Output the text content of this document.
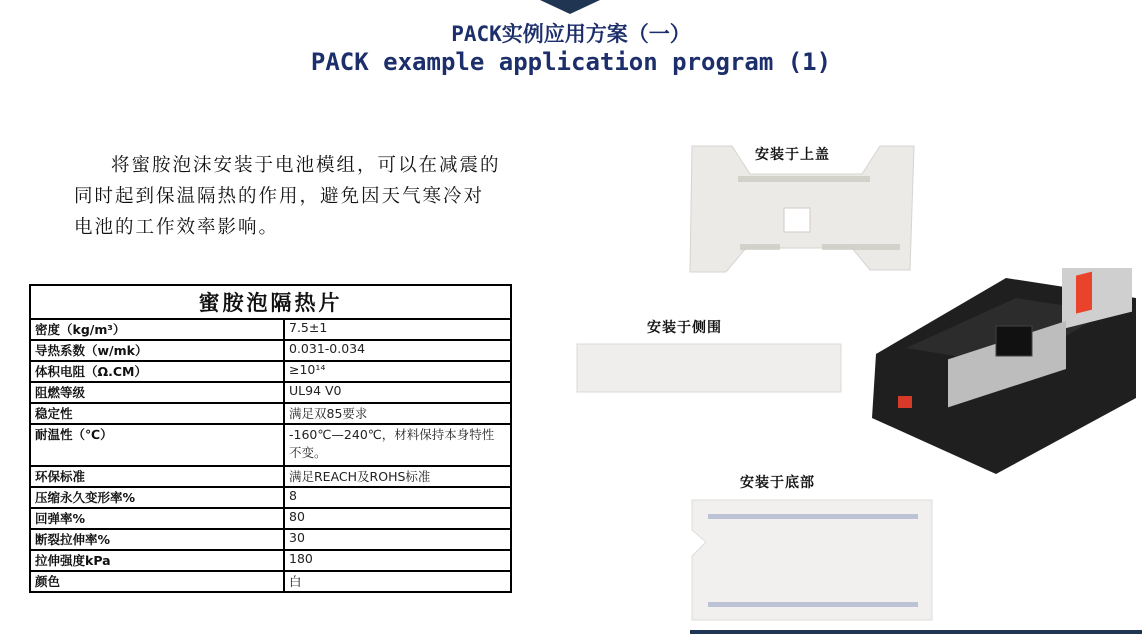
PACK实例应用方案（一）
PACK example application program (1)
将蜜胺泡沫安装于电池模组，可以在减震的同时起到保温隔热的作用，避免因天气寒冷对电池的工作效率影响。
蜜胺泡隔热片	
密度（kg/m³）	7.5±1
导热系数（w/mk）	0.031-0.034
体积电阻（Ω.CM）	≥10¹⁴
阻燃等级	UL94 V0
稳定性	满足双85要求
耐温性（℃）	-160℃—240℃，材料保持本身特性不变。
环保标准	满足REACH及ROHS标准
压缩永久变形率%	8
回弹率%	80
断裂拉伸率%	30
拉伸强度kPa	180
颜色	白
安装于上盖
安装于侧围
安装于底部
